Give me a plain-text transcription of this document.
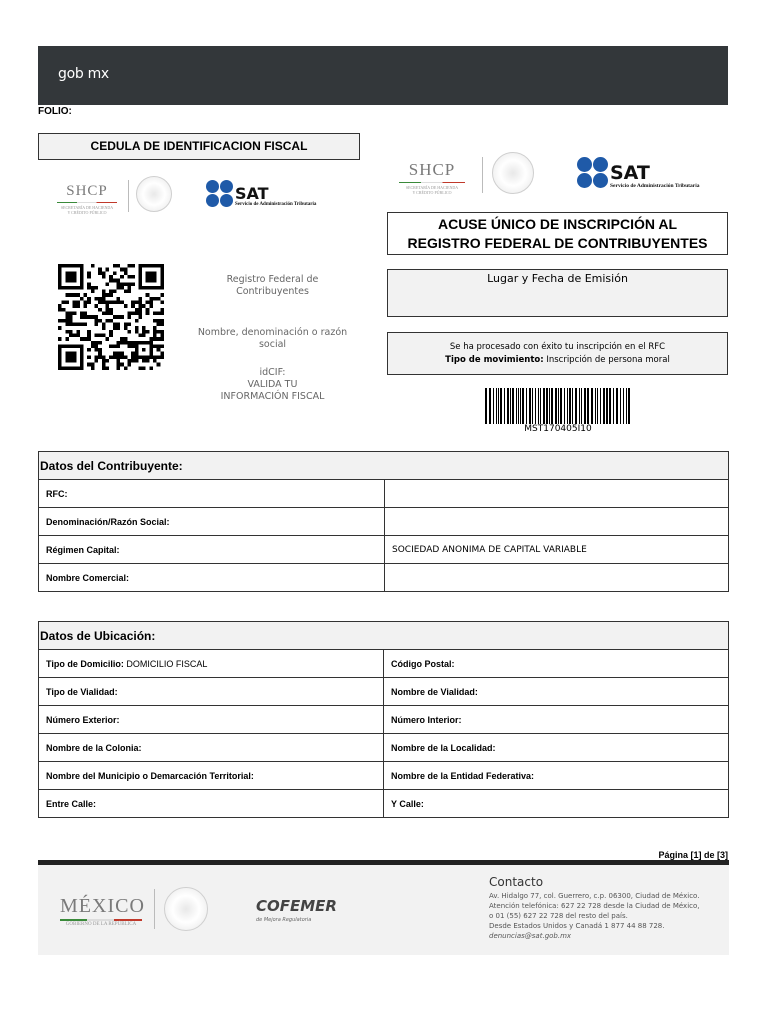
gob mx
FOLIO:
CEDULA DE IDENTIFICACION FISCAL
SHCP
SECRETARÍA DE HACIENDA
Y CRÉDITO PÚBLICO
SAT
Servicio de Administración Tributaria
SHCP
SECRETARÍA DE HACIENDA
Y CRÉDITO PÚBLICO
SAT
Servicio de Administración Tributaria
Registro Federal de Contribuyentes
Nombre, denominación o razón social
idCIF:
VALIDA TU
INFORMACIÓN FISCAL
ACUSE ÚNICO DE INSCRIPCIÓN AL
REGISTRO FEDERAL DE CONTRIBUYENTES
Lugar y Fecha de Emisión
Se ha procesado con éxito tu inscripción en el RFC
Tipo de movimiento: Inscripción de persona moral
MST170405I10
Datos del Contribuyente:	
RFC:	
Denominación/Razón Social:	
Régimen Capital:	SOCIEDAD ANONIMA DE CAPITAL VARIABLE
Nombre Comercial:	
Datos de Ubicación:	
Tipo de Domicilio: DOMICILIO FISCAL	Código Postal:
Tipo de Vialidad:	Nombre de Vialidad:
Número Exterior:	Número Interior:
Nombre de la Colonia:	Nombre de la Localidad:
Nombre del Municipio o Demarcación Territorial:	Nombre de la Entidad Federativa:
Entre Calle:	Y Calle:
Página [1] de [3]
MÉXICO
GOBIERNO DE LA REPÚBLICA
COFEMER
de Mejora Regulatoria
Contacto
Av. Hidalgo 77, col. Guerrero, c.p. 06300, Ciudad de México.
Atención telefónica: 627 22 728 desde la Ciudad de México,
o 01 (55) 627 22 728 del resto del país.
Desde Estados Unidos y Canadá 1 877 44 88 728.
denuncias@sat.gob.mx
